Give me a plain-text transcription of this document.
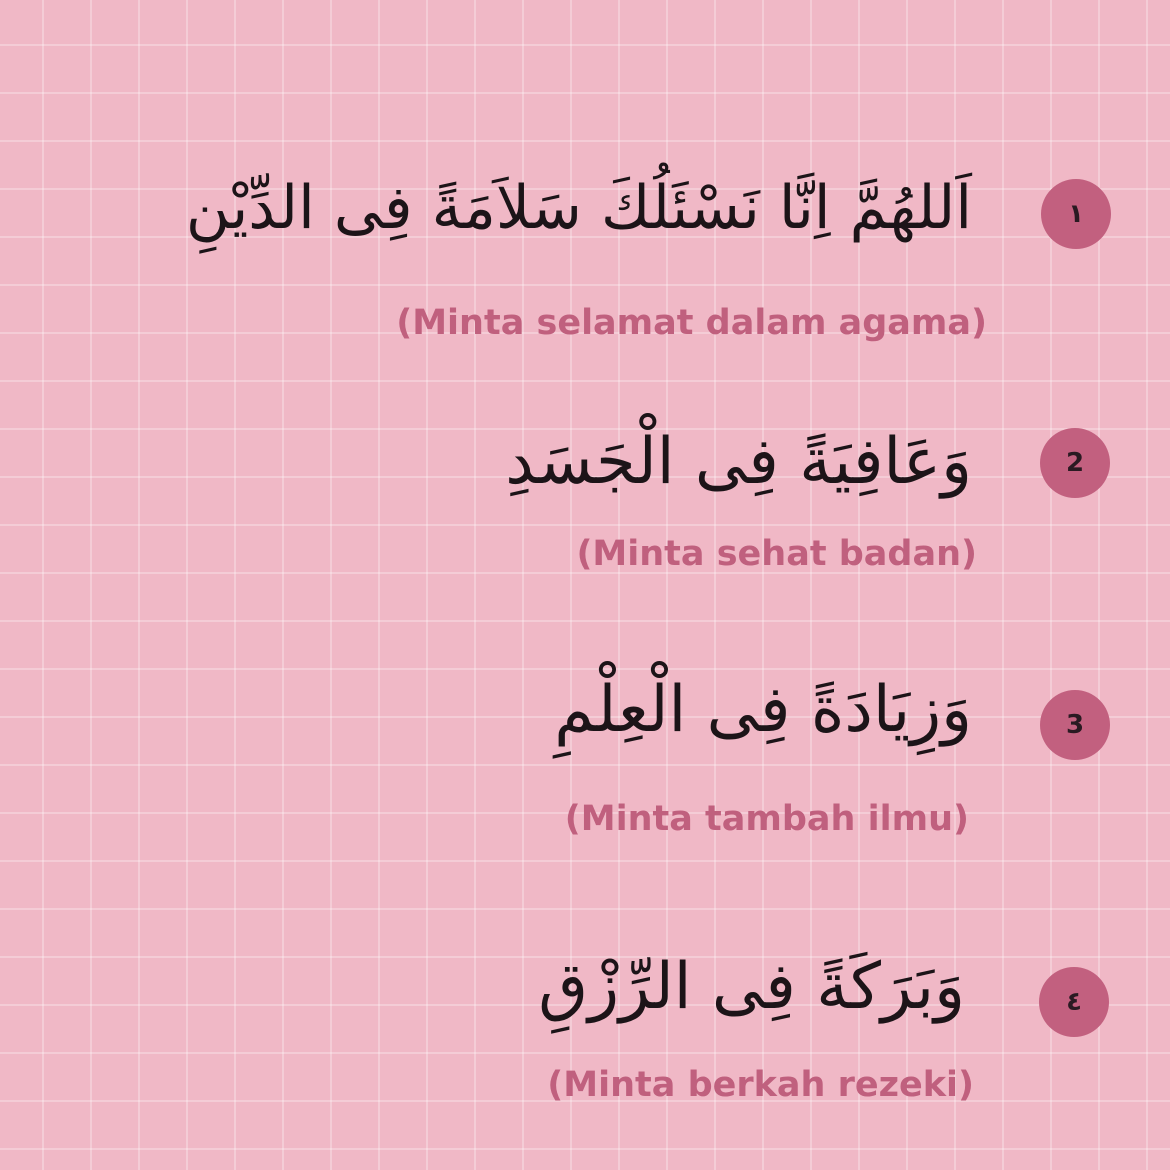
١
اَللهُمَّ اِنَّا نَسْئَلُكَ سَلاَمَةً فِى الدِّيْنِ
(Minta selamat dalam agama)
2
وَعَافِيَةً فِى الْجَسَدِ
(Minta sehat badan)
3
وَزِيَادَةً فِى الْعِلْمِ
(Minta tambah ilmu)
٤
وَبَرَكَةً فِى الرِّزْقِ
(Minta berkah rezeki)
